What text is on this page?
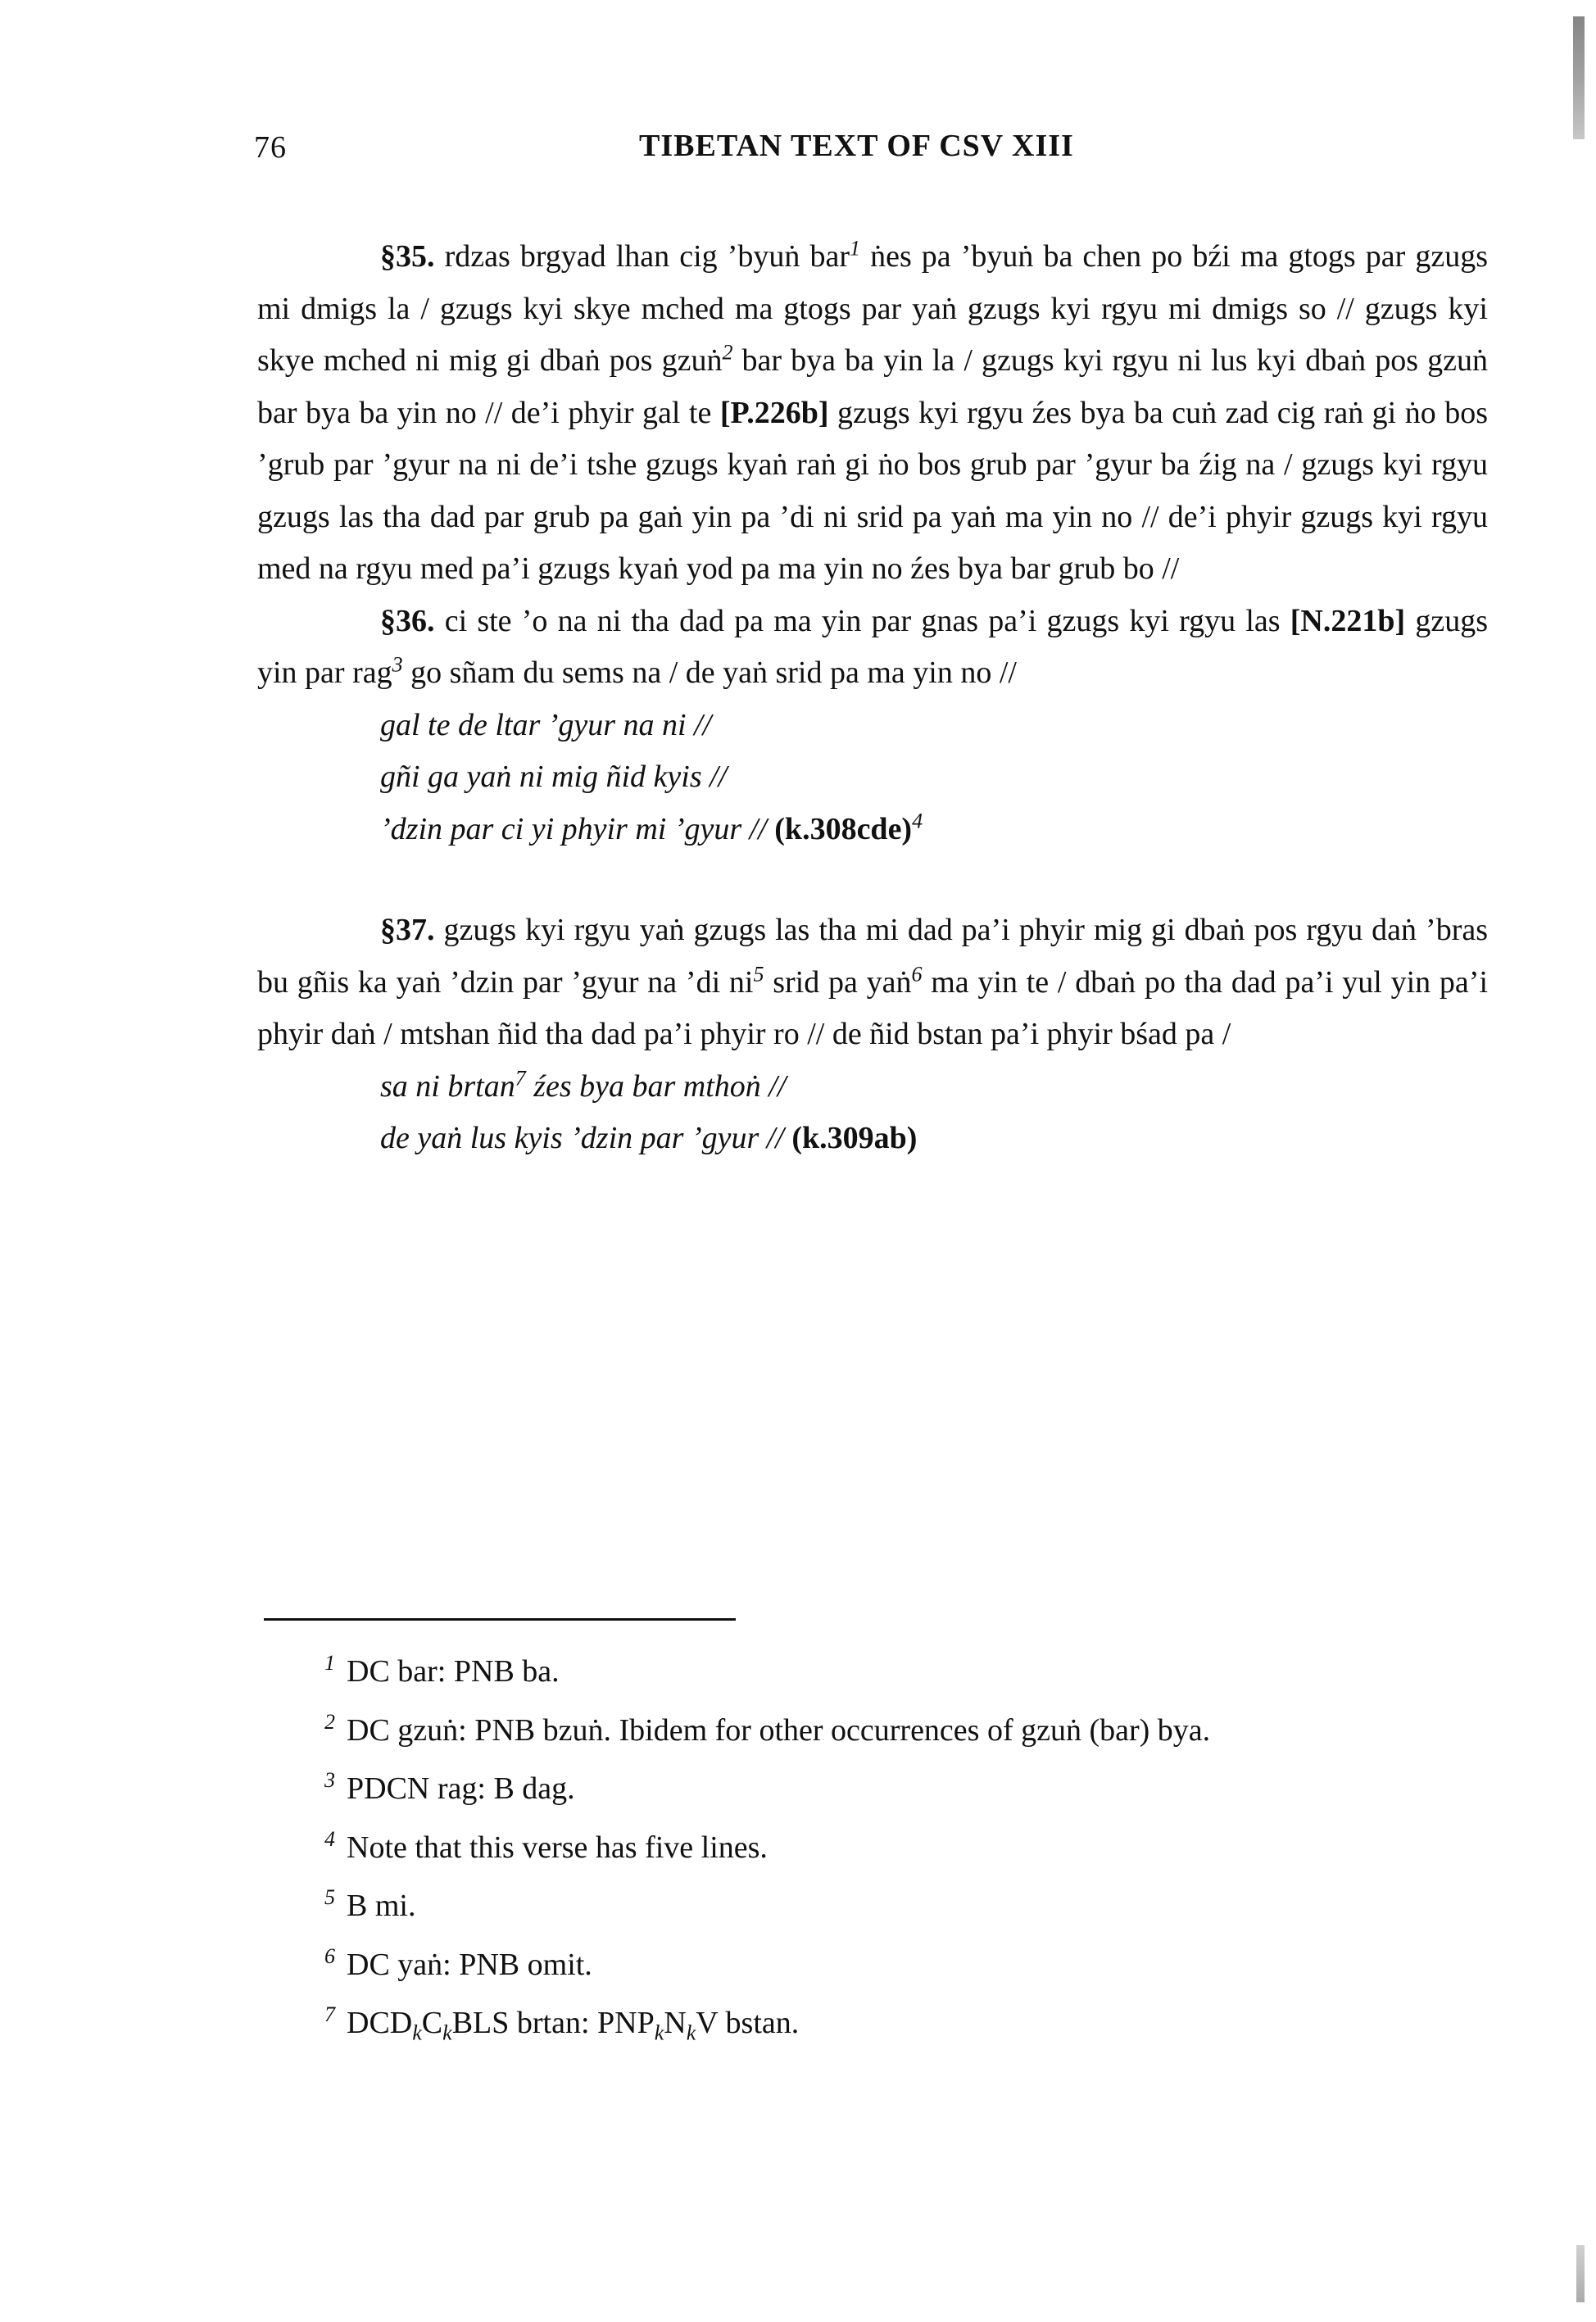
76	TIBETAN TEXT OF CSV XIII

§35. rdzas brgyad lhan cig ’byuṅ bar$^1$ ṅes pa ’byuṅ ba chen po bźi ma gtogs par gzugs mi dmigs la / gzugs kyi skye mched ma gtogs par yaṅ gzugs kyi rgyu mi dmigs so // gzugs kyi skye mched ni mig gi dbaṅ pos gzuṅ$^2$ bar bya ba yin la / gzugs kyi rgyu ni lus kyi dbaṅ pos gzuṅ bar bya ba yin no // de’i phyir gal te [P.226b] gzugs kyi rgyu źes bya ba cuṅ zad cig raṅ gi ṅo bos ’grub par ’gyur na ni de’i tshe gzugs kyaṅ raṅ gi ṅo bos grub par ’gyur ba źig na / gzugs kyi rgyu gzugs las tha dad par grub pa gaṅ yin pa ’di ni srid pa yaṅ ma yin no // de’i phyir gzugs kyi rgyu med na rgyu med pa’i gzugs kyaṅ yod pa ma yin no źes bya bar grub bo //

§36. ci ste ’o na ni tha dad pa ma yin par gnas pa’i gzugs kyi rgyu las [N.221b] gzugs yin par rag$^3$ go sñam du sems na / de yaṅ srid pa ma yin no //

gal te de ltar ’gyur na ni //
gñi ga yaṅ ni mig ñid kyis //
’dzin par ci yi phyir mi ’gyur // $(k.308cde)^4$

§37. gzugs kyi rgyu yaṅ gzugs las tha mi dad pa’i phyir mig gi dbaṅ pos rgyu daṅ ’bras bu gñis ka yaṅ ’dzin par ’gyur na ’di $ni^5$ srid pa yaṅ$^6$ ma yin te / dbaṅ po tha dad pa’i yul yin pa’i phyir daṅ / mtshan ñid tha dad pa’i phyir ro // de ñid bstan pa’i phyir bśad pa /

sa ni brtan$^7$ źes bya bar mthoṅ //
de yaṅ lus kyis ’dzin par ’gyur // (k.309ab)
$^1$ DC bar: PNB ba.
$^2$ DC gzuṅ: PNB bzuṅ. Ibidem for other occurrences of gzuṅ (bar) bya.
$^3$ PDCN rag: B dag.
$^4$ Note that this verse has five lines.
$^5$ B mi.
$^6$ DC yaṅ: PNB omit.
$^7$ $DCD_kC_kBLS$ brtan: $PNP_kN_kV$ bstan.
